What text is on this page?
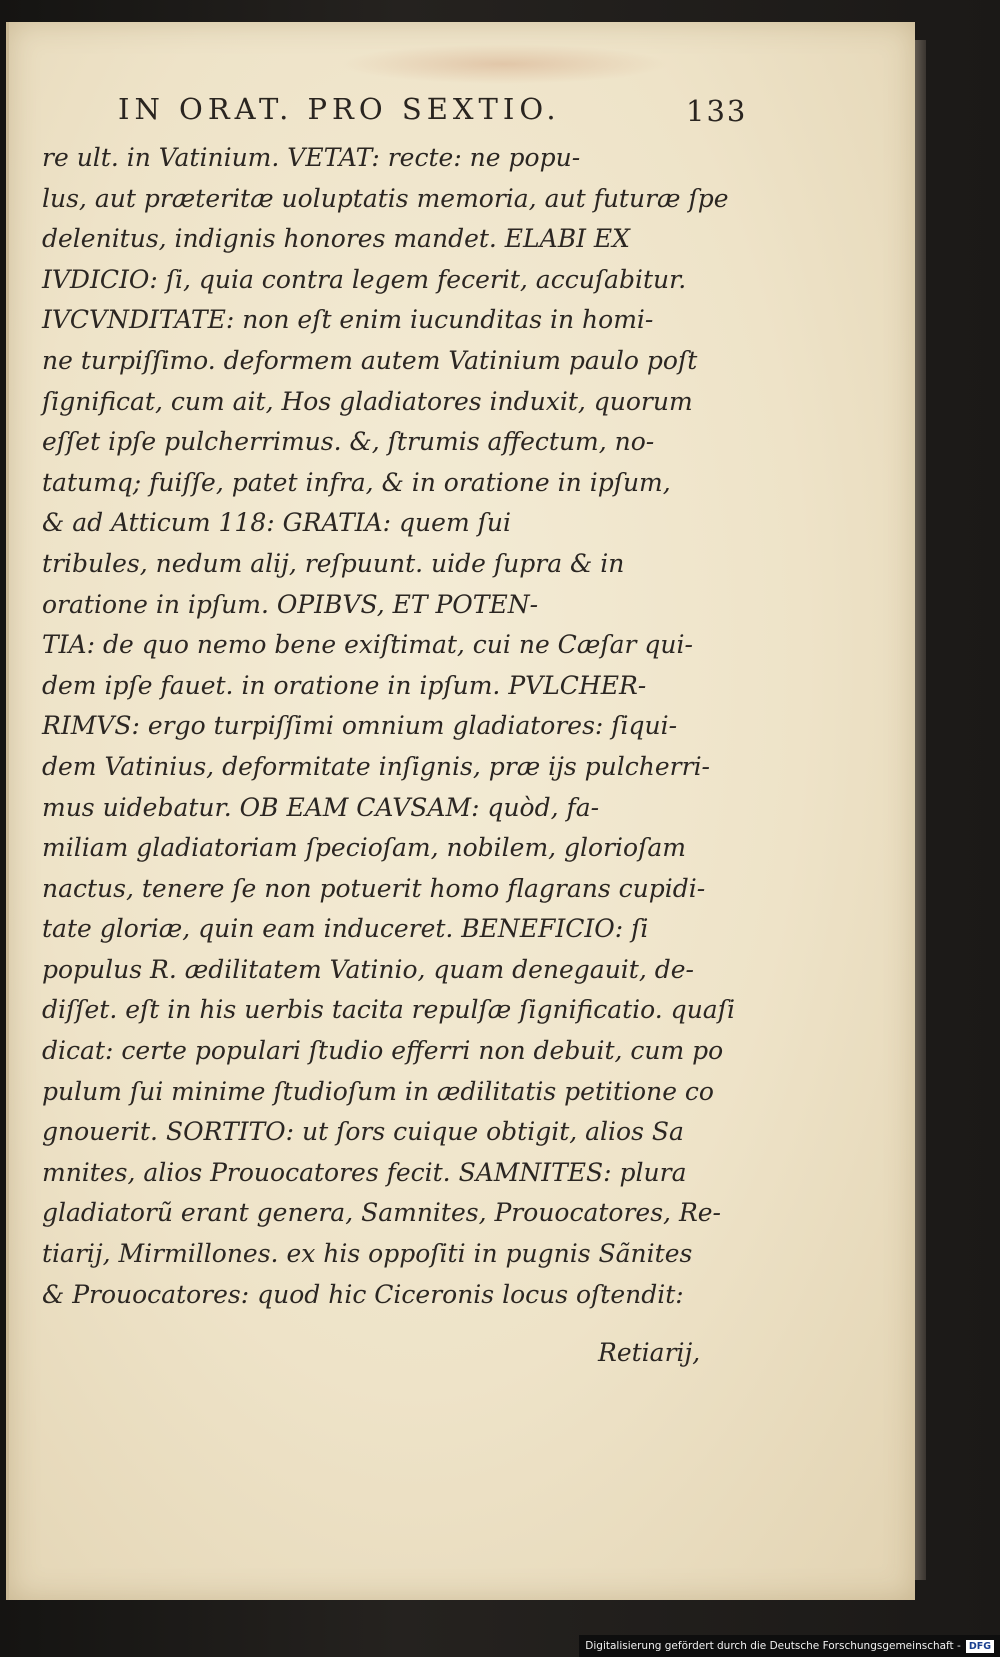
IN ORAT. PRO SEXTIO.	133
re ult. in Vatinium. VETAT: recte: ne popu-
lus, aut præteritæ uoluptatis memoria, aut futuræ ſpe
delenitus, indignis honores mandet. ELABI EX
IVDICIO: ſi, quia contra legem fecerit, accuſabitur.
IVCVNDITATE: non eſt enim iucunditas in homi-
ne turpiſſimo. deformem autem Vatinium paulo poſt
ſignificat, cum ait, Hos gladiatores induxit, quorum
eſſet ipſe pulcherrimus. &, ſtrumis affectum, no-
tatumq; fuiſſe, patet infra, & in oratione in ipſum,
& ad Atticum 118: GRATIA: quem ſui
tribules, nedum alij, reſpuunt. uide ſupra & in
oratione in ipſum. OPIBVS, ET POTEN-
TIA: de quo nemo bene exiſtimat, cui ne Cæſar qui-
dem ipſe fauet. in oratione in ipſum. PVLCHER-
RIMVS: ergo turpiſſimi omnium gladiatores: ſiqui-
dem Vatinius, deformitate inſignis, præ ijs pulcherri-
mus uidebatur. OB EAM CAVSAM: quòd, fa-
miliam gladiatoriam ſpecioſam, nobilem, glorioſam
nactus, tenere ſe non potuerit homo flagrans cupidi-
tate gloriæ, quin eam induceret. BENEFICIO: ſi
populus R. ædilitatem Vatinio, quam denegauit, de-
diſſet. eſt in his uerbis tacita repulſæ ſignificatio. quaſi
dicat: certe populari ſtudio efferri non debuit, cum po
pulum ſui minime ſtudioſum in ædilitatis petitione co
gnouerit. SORTITO: ut ſors cuique obtigit, alios Sa
mnites, alios Prouocatores fecit. SAMNITES: plura
gladiatorũ erant genera, Samnites, Prouocatores, Re-
tiarij, Mirmillones. ex his oppoſiti in pugnis Sãnites
& Prouocatores: quod hic Ciceronis locus oſtendit:
Retiarij,
Digitalisierung gefördert durch die Deutsche Forschungsgemeinschaft - DFG
